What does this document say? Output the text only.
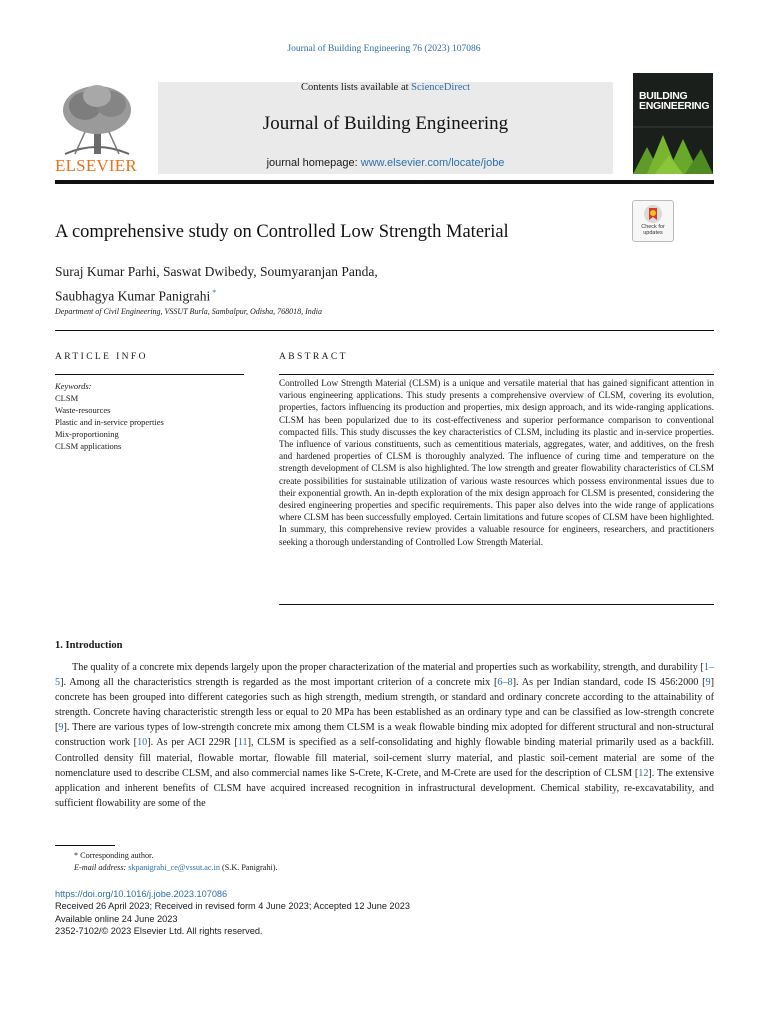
Journal of Building Engineering 76 (2023) 107086
ELSEVIER
Contents lists available at ScienceDirect
Journal of Building Engineering
journal homepage: www.elsevier.com/locate/jobe
BUILDING
ENGINEERING
Check for
updates
A comprehensive study on Controlled Low Strength Material
Suraj Kumar Parhi, Saswat Dwibedy, Soumyaranjan Panda,
Saubhagya Kumar Panigrahi *
Department of Civil Engineering, VSSUT Burla, Sambalpur, Odisha, 768018, India
ARTICLE INFO
Keywords:
CLSM
Waste-resources
Plastic and in-service properties
Mix-proportioning
CLSM applications
ABSTRACT
Controlled Low Strength Material (CLSM) is a unique and versatile material that has gained significant attention in various engineering applications. This study presents a comprehensive overview of CLSM, covering its evolution, properties, factors influencing its production and properties, mix design approach, and its wide-ranging applications. CLSM has been popularized due to its cost-effectiveness and superior performance comparison to conventional compacted fills. This study discusses the key characteristics of CLSM, including its plastic and in-service properties. The influence of various constituents, such as cementitious materials, aggregates, water, and additives, on the fresh and hardened properties of CLSM is thoroughly analyzed. The influence of curing time and temperature on the strength development of CLSM is also highlighted. The low strength and greater flowability characteristics of CLSM create possibilities for sustainable utilization of various waste resources which possess environmental issues due to their exponential growth. An in-depth exploration of the mix design approach for CLSM is presented, considering the desired engineering properties and specific requirements. This paper also delves into the wide range of applications where CLSM has been successfully employed. Certain limitations and future scopes of CLSM have been highlighted. In summary, this comprehensive review provides a valuable resource for engineers, researchers, and practitioners seeking a thorough understanding of Controlled Low Strength Material.
1. Introduction
The quality of a concrete mix depends largely upon the proper characterization of the material and properties such as workability, strength, and durability [1–5]. Among all the characteristics strength is regarded as the most important criterion of a concrete mix [6–8]. As per Indian standard, code IS 456:2000 [9] concrete has been grouped into different categories such as high strength, medium strength, or standard and ordinary concrete according to the attainability of strength. Concrete having characteristic strength less or equal to 20 MPa has been established as an ordinary type and can be classified as low-strength concrete [9]. There are various types of low-strength concrete mix among them CLSM is a weak flowable binding mix adopted for different structural and non-structural construction work [10]. As per ACI 229R [11], CLSM is specified as a self-consolidating and highly flowable binding material primarily used as a backfill. Controlled density fill material, flowable mortar, flowable fill material, soil-cement slurry material, and plastic soil-cement material are some of the nomenclature used to describe CLSM, and also commercial names like S-Crete, K-Crete, and M-Crete are used for the description of CLSM [12]. The extensive application and inherent benefits of CLSM have acquired increased recognition in infrastructural development. Chemical stability, re-excavatability, and sufficient flowability are some of the
* Corresponding author.
E-mail address: skpanigrahi_ce@vssut.ac.in (S.K. Panigrahi).
https://doi.org/10.1016/j.jobe.2023.107086
Received 26 April 2023; Received in revised form 4 June 2023; Accepted 12 June 2023
Available online 24 June 2023
2352-7102/© 2023 Elsevier Ltd. All rights reserved.
